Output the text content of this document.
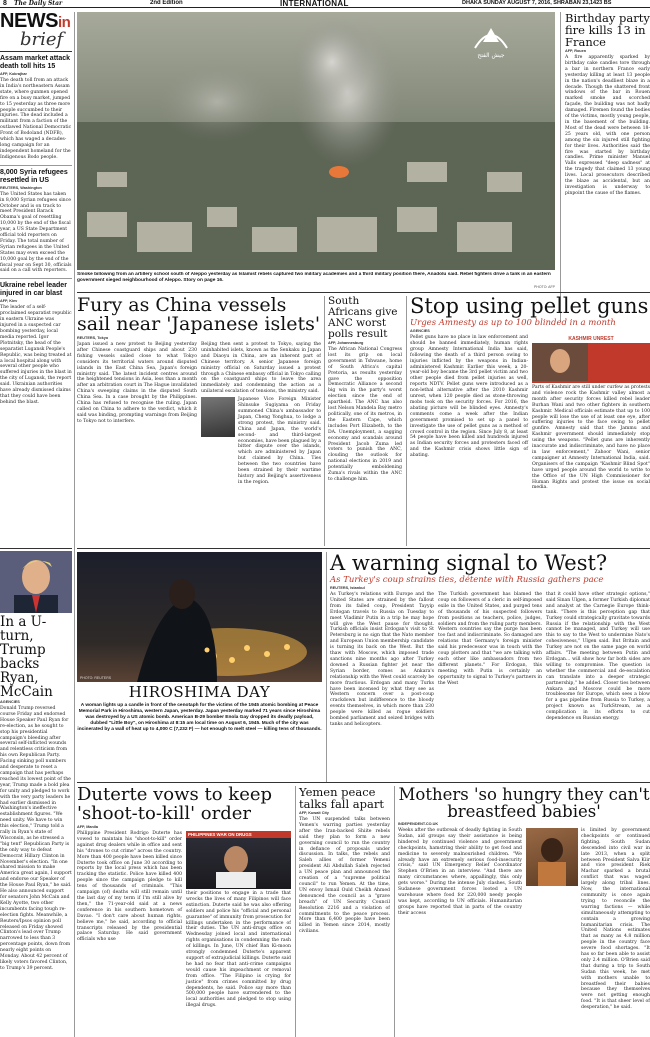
8 The Daily Star	2nd Edition	INTERNATIONAL	DHAKA SUNDAY AUGUST 7, 2016, SHRABAN 23,1423 BS
NEWSin
brief
Assam market attack death toll hits 15
AFP, Kokrajhar
The death toll from an attack in India's northeastern Assam state, where gunmen opened fire on a busy market, jumped to 15 yesterday as three more people succumbed to their injuries. The dead included a militant from a faction of the outlawed National Democratic Front of Bodoland (NDFB), which has waged a decades-long campaign for an independent homeland for the Indigenous Bodo people.
8,000 Syria refugees resettled in US
REUTERS, Washington
The United States has taken in 8,000 Syrian refugees since October and is on track to meet President Barack Obama's goal of resettling 10,000 by the end of the fiscal year, a US State Department official told reporters on Friday. The total number of Syrian refugees in the United States may even exceed the 10,000 goal by the end of the fiscal year on Sept 30, officials said on a call with reporters.
Ukraine rebel leader injured in car blast
AFP, Kiev
The leader of a self-proclaimed separatist republic in eastern Ukraine was injured in a suspected car bombing yesterday, local media reported. Igor Plotnitsky, the head of the separatist Lugansk People's Republic, was being treated at a local hospital along with several other people who suffered injuries in the blast in the city of Lugansk, the report said. Ukrainian authorities have already dismissed claims that they could have been behind the blast.
In a U-turn, Trump backs Ryan, McCain
AGENCIES
Donald Trump reversed course Friday and endorsed House Speaker Paul Ryan for re-election, as he sought to stop his presidential campaign's bleeding after several self-inflicted wounds and relentless criticism from his own Republican Party. Facing sinking poll numbers and desperate to reset a campaign that has perhaps reached its lowest point of the year, Trump made a bold plea for unity and pledged to work with the very party leaders he had earlier dismissed in Washington's ineffective establishment figures. "We need unity. We have to win this election," Trump told a rally in Ryan's state of Wisconsin, as he stressed a "big tent" Republican Party is the only way to defeat Democrat Hillary Clinton in November's election. "In one shared mission to make America great again, I support and endorse our Speaker of the House Paul Ryan," he said. He also announced support for senators John McCain and Kelly Ayotte, two other incumbents facing tough re-election fights. Meanwhile, a Reuters/Ipsos opinion poll released on Friday showed Clinton's lead over Trump narrowed to less than 3 percentage points, down from nearly eight points on Monday. About 42 percent of likely voters favored Clinton, to Trump's 39 percent.
جيش الفتح
Smoke billowing from an artillery school south of Aleppo yesterday as Islamist rebels captured two military academies and a third military position there, Anadolu said. Rebel fighters drive a tank in an eastern government sieged neighbourhood of Aleppo. Story on page 16.
PHOTO: AFP
Birthday party fire kills 13 in France
AFP, Rouen
A fire apparently sparked by birthday cake candles tore through a bar in northern France early yesterday killing at least 13 people in the nation's deadliest blaze in a decade. Though the shattered front windows of the bar in Rouen marked smoke and scorched façade, the building was not badly damaged. Firemen found the bodies of the victims, mostly young people, in the basement of the building. Most of the dead were between 18-25 years old, with one person among the six injured still fighting for their lives. Authorities said the fire was started by birthday candles. Prime minister Manuel Valls expressed "deep sadness" at the tragedy that claimed 13 young lives. Local prosecutors described the blaze as accidental, but an investigation is underway to pinpoint the cause of the flames.
Fury as China vessels sail near 'Japanese islets'
REUTERS, Tokyo
Japan issued a new protest to Beijing yesterday after Chinese coastguard ships and about 230 fishing vessels sailed close to what Tokyo considers its territorial waters around disputed islands in the East China Sea, Japan's foreign ministry said. The latest incident centres around the heightened tensions in Asia, less than a month after an arbitration court in The Hague invalidated China's sweeping claims in the disputed South China Sea. In a case brought by the Philippines. China has refused to recognise the ruling. Japan called on China to adhere to the verdict, which it said was binding, prompting warnings from Beijing to Tokyo not to interfere.
Beijing then sent a protest to Tokyo, saying the uninhabited islets, known as the Senkaku in Japan and Diaoyu in China, are an inherent part of Chinese territory. A senior Japanese foreign ministry official on Saturday issued a protest through a Chinese embassy official in Tokyo calling on the coastguard ships to leave the area immediately and condemning the action as a unilateral escalation of tensions, the ministry said.
Japanese Vice Foreign Minister Shinsuke Sugiyama on Friday summoned China's ambassador to Japan, Cheng Yonghua, to lodge a strong protest, the ministry said. China and Japan, the world's second- and third-largest economies, have been plagued by a bitter dispute over the islands, which are administered by Japan but claimed by China. Ties between the two countries have been strained by their wartime history and Beijing's assertiveness in the region.
South Africans give ANC worst polls result
AFP, Johannesburg
The African National Congress lost its grip on local government in Tshwane, home of South Africa's capital Pretoria, as results yesterday gave the opposition Democratic Alliance a second big win in the party's worst election since the end of apartheid. The ANC has also lost Nelson Mandela Bay metro politically, one of its metros, in the Eastern Cape, which includes Port Elizabeth, to the DA. Unemployment, a sagging economy and scandals around President Jacob Zuma led voters to punish the ANC, clouding the outlook for national elections in 2019 and potentially emboldening Zuma's rivals within the ANC to challenge him.
Stop using pellet guns
Urges Amnesty as up to 100 blinded in a month
AGENCIES
Pellet guns have no place in law enforcement and should be banned immediately, human rights group Amnesty International India has said, following the death of a third person owing to injuries inflicted by the weapons in Indian-administered Kashmir. Earlier this week, a 20-year-old boy became the 3rd pellet victim and two other people died from pellet injuries as well, reports NDTV. Pellet guns were introduced as a non-lethal alternative after the 2010 Kashmir unrest, when 120 people died as stone-throwing mobs took on the security forces. For 2016, the abating picture will be blinded eyes. Amnesty's comments come a week after the Indian government promised to set up a panel to investigate the use of pellet guns as a method of crowd control in the region. Since July 8, at least 54 people have been killed and hundreds injured as Indian security forces and protesters faced off and the Kashmir crisis shows little sign of abating.
KASHMIR UNREST
Parts of Kashmir are still under curfew as protests and violence rock the Kashmir valley almost a month after security forces killed rebel leader Burhan Wani and two other fighters in southern Kashmir. Medical officials estimate that up to 100 people will lose the use of at least one eye, after suffering injuries to the face owing to pellet gunfire. Amnesty said that the Jammu and Kashmir government should immediately stop using the weapons. "Pellet guns are inherently inaccurate and indiscriminate, and have no place in law enforcement," Zahoor Wani, senior campaigner at Amnesty International India, said. Organisers of the campaign "Kashmir Blind Spot" have urged people around the world to write to the Office of the UN High Commissioner for Human Rights and protest the issue on social media.
PHOTO: REUTERS
HIROSHIMA DAY
A woman lights up a candle in front of the cenotaph for the victims of the 1945 atomic bombing at Peace Memorial Park in Hiroshima, western Japan, yesterday. Japan yesterday marked 71 years since Hiroshima was destroyed by a US atomic bomb. American B-29 bomber Enola Gay dropped its deadly payload, dubbed "Little Boy", on Hiroshima at 8:15 am local time on August 6, 1945. Much of the city was incinerated by a wall of heat up to 4,000 C (7,232 F) — hot enough to melt steel — killing tens of thousands.
A warning signal to West?
As Turkey's coup strains ties, détente with Russia gathers pace
REUTERS, Istanbul
As Turkey's relations with Europe and the United States are strained by the fallout from its failed coup, President Tayyip Erdogan travels to Russia on Tuesday to meet Vladimir Putin in a trip he may hope will give the West pause for thought. Turkish officials insist Erdogan's visit to St Petersburg is no sign that the Nato member and European Union membership candidate is turning its back on the West. But the thaw with Moscow, which imposed trade sanctions nine months ago after Turkey downed a Russian fighter jet near the Syrian border, comes as Ankara's relationship with the West could scarcely be more fractious. Erdogan and many Turks have been incensed by what they see as Western concern over a post-coup crackdown but indifference to the bloody events themselves, in which more than 230 people were killed as rogue soldiers bombed parliament and seized bridges with tanks and helicopters.
The Turkish government has blamed the coup on followers of a cleric in self-imposed exile in the United States, and purged tens of thousands of his suspected followers from positions as teachers, police, judges, soldiers and from the ruling party members. Western countries say the purge has been too fast and indiscriminate. So damaged are relations that Germany's foreign minister said his predecessor was in touch with the coup plotters and that "we are talking with each other like ambassadors from two different planets." For Erdogan, this meeting with Putin is certainly an opportunity to signal to Turkey's partners in the West
that it could have other strategic options," said Sinan Ulgen, a former Turkish diplomat and analyst at the Carnegie Europe think-tank. "There is this perception gap that Turkey could strategically gravitate towards Russia if the relationship with the West cannot be managed, and Turkey will use this to say to the West to undermine Nato's cohesiveness," Ulgen said. But Britain and Turkey are not on the same page on world affairs. "The meeting between Putin and Erdogan... will show how far both sides are willing to compromise. The question is whether the commercial and de-escalation can translate into a deeper strategic partnership," he added. Closer ties between Ankara and Moscow could be more troublesome for Europe, which sees a blow for a gas pipeline from Russia to Turkey, a project known as TurkStream, as a complication in its efforts to cut dependence on Russian energy.
Duterte vows to keep 'shoot-to-kill' order
AFP, Manila
Philippine President Rodrigo Duterte has vowed to maintain his "shoot-to-kill" order against drug dealers while in office and sent his "drones to cut crime" across the country. More than 400 people have been killed since Duterte took office on June 30 according to reports by the local press which has been tracking the statistic. Police have killed 400 people since the campaign pledge to kill tens of thousands of criminals. "This campaign (of) deaths will still remain until the last day of my term if I'm still alive by then," the 71-year-old said at a news conference in his southern hometown of Davao. "I don't care about human rights, believe me," he said, according to official transcripts released by the presidential palace Saturday. He said government officials who use
PHILIPPINES WAR ON DRUGS
their positions to engage in a trade that wrecks the lives of many Filipinos will face extinction. Duterte said he was also offering soldiers and police his "official and personal guarantee" of immunity from prosecution for killings undertaken in the performance of their duties. The UN anti-drugs office on Wednesday joined local and international rights organisations in condemning the rash of killings. In June, UN chief Ban Ki-moon strongly condemned Duterte's apparent support of extrajudicial killings. Duterte said he had no fear that anti-crime campaigns would cause his impeachment or removal from office. "The Filipino is crying for justice" from crimes committed by drug dependents, he said. Police say more than 500,000 people have surrendered to the local authorities and pledged to stop using illegal drugs.
Yemen peace talks fall apart
AFP, Kuwait City
The UN suspended talks between Yemen's warring parties yesterday after the Iran-backed Shiite rebels said they plan to form a new governing council to run the country in defiance of proposals under discussion. In talks, the rebels and Saleh allies of former Yemeni president Ali Abdullah Saleh rejected a UN peace plan and announced the creation of a "supreme political council" to run Yemen. At the time, UN envoy Ismail Ould Cheikh Ahmed denounced the council as a "grave breach" of UN Security Council Resolution 2216 and a violation of commitments to the peace process. More than 6,400 people have been killed in Yemen since 2014, mostly civilians.
Mothers 'so hungry they can't breastfeed babies'
INDEPENDENT.CO.UK
Weeks after the outbreak of deadly fighting in South Sudan, aid groups say their assistance is being hindered by continued violence and government checkpoints, hamstring their ability to get food and medicine to severely malnourished children. "We already have an extremely serious food-insecurity crisis," said UN Emergency Relief Coordinator Stephen O'Brien in an interview. "And there are many circumstances where, appallingly, this only gets worse." During the intense July clashes, South Sudanese government forces looted a UN warehouse where food for 220,000 needy people was kept, according to UN officials. Humanitarian groups have reported that in parts of the country their access
is limited by government checkpoints or continued fighting. South Sudan descended into civil war in late 2013, when a split between President Salva Kiir and vice president Riek Machar sparked a brutal conflict that was waged largely along tribal lines. Now, the international community is once again trying to reconcile the warring factions — while simultaneously attempting to contain a growing humanitarian crisis. The United Nations estimates that as many as 4.8 million people in the country face severe food shortages. "It has so far been able to assist only 2.4 million. O'Brien said that during a trip to South Sudan this week, he met with mothers unable to breastfeed their babies because they themselves were not getting enough food. "It is that sheer level of desperation," he said.
